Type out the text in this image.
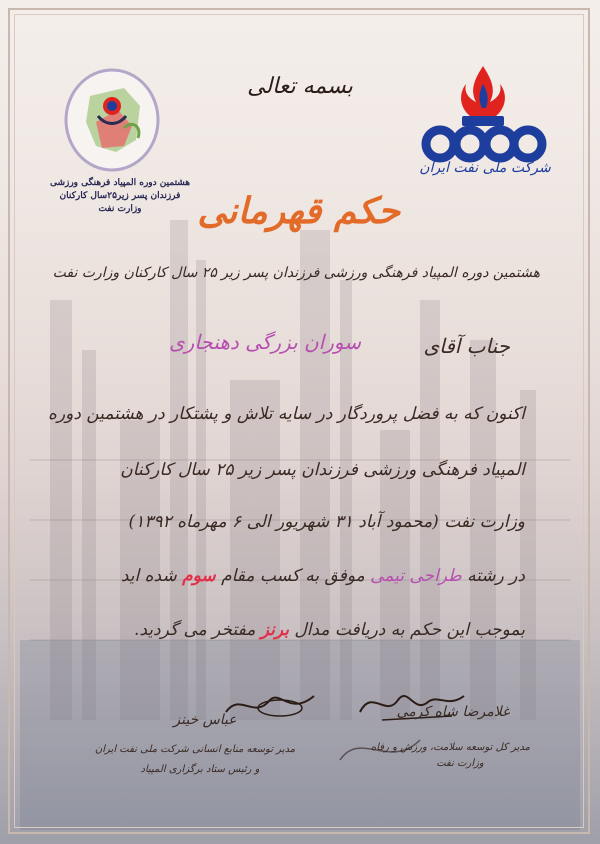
شرکت ملی نفت ایران
هشتمین دوره المپیاد فرهنگی ورزشی
فرزندان پسر زیر۲۵سال کارکنان
وزارت نفت
بسمه تعالی
حکم قهرمانی
هشتمین دوره المپیاد فرهنگی ورزشی فرزندان پسر زیر ۲۵ سال کارکنان وزارت نفت
جناب آقای
سوران بزرگی دهنجاری
اکنون که به فضل پروردگار در سایه تلاش و پشتکار در هشتمین دوره
المپیاد فرهنگی ورزشی فرزندان پسر زیر ۲۵ سال کارکنان
وزارت نفت (محمود آباد ۳۱ شهریور الی ۶ مهرماه ۱۳۹۲)
در رشته طراحی تیمی موفق به کسب مقام سوم شده اید
بموجب این حکم به دریافت مدال برنز مفتخر می گردید.
غلامرضا شاه کرمی
مدیر کل توسعه سلامت، ورزش و رفاه
وزارت نفت
عباس خینز
مدیر توسعه منابع انسانی شرکت ملی نفت ایران
و رئیس ستاد برگزاری المپیاد
